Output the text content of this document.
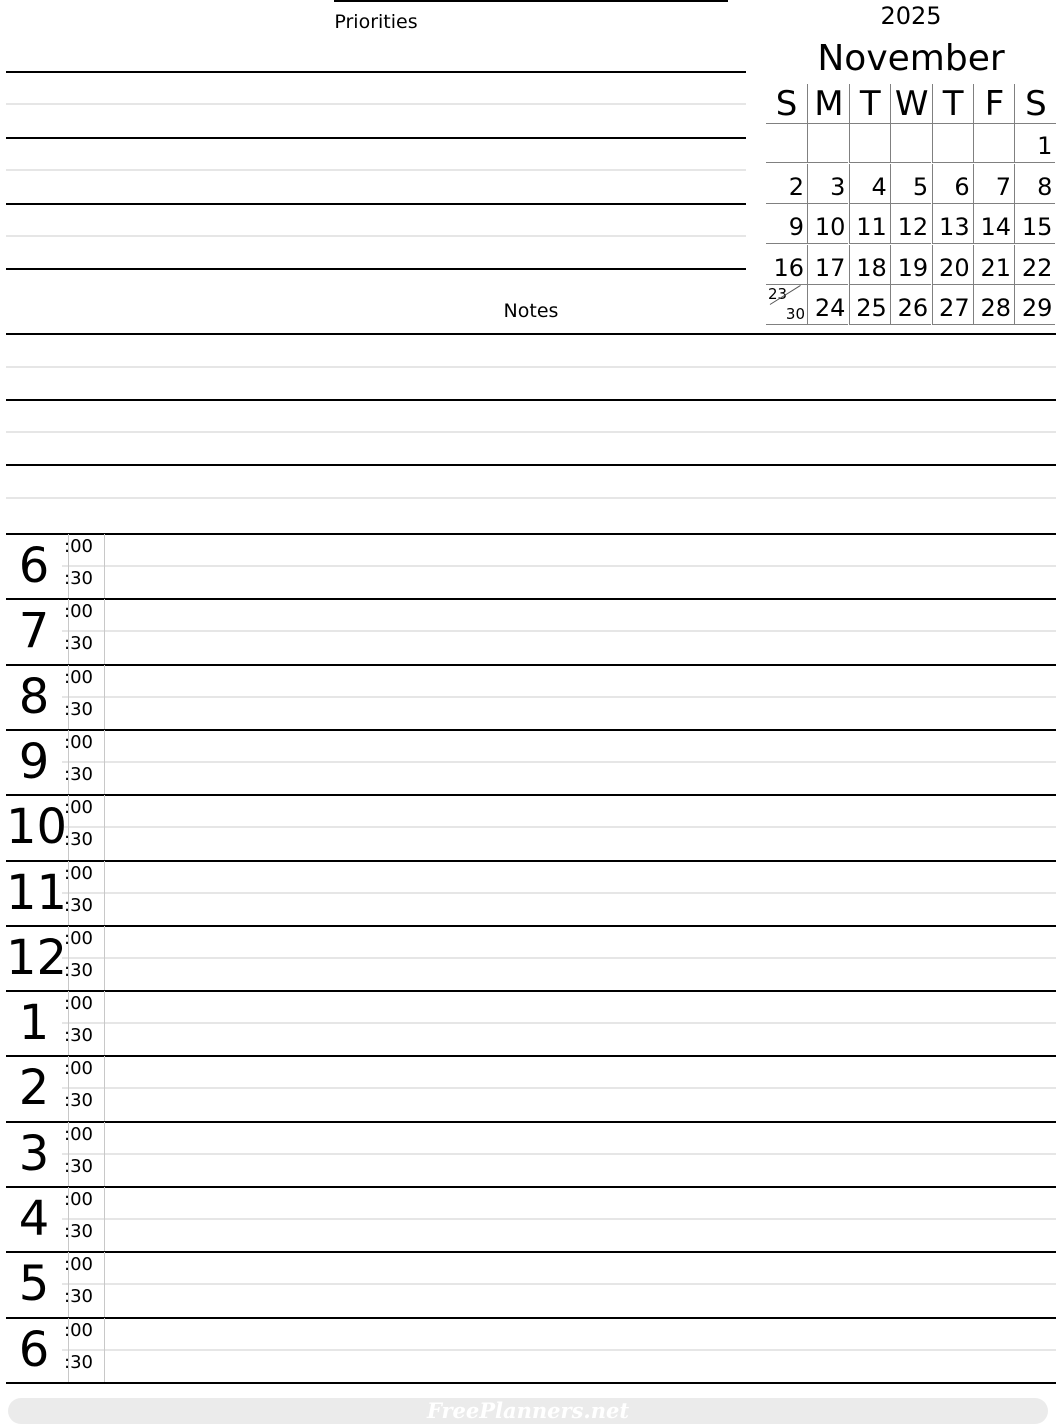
Priorities
Notes
2025
November
S M T W T F S
1
2 3 4 5 6 7 8
9 10 11 12 13 14 15
16 17 18 19 20 21 22
23
30 24 25 26 27 28 29
6 :00
:30
7 :00
:30
8 :00
:30
9 :00
:30
10
:00
:30
11
:00
:30
12
:00
:30
1 :00
:30
2 :00
:30
3 :00
:30
4 :00
:30
5 :00
:30
6 :00
:30
FreePlanners.net
